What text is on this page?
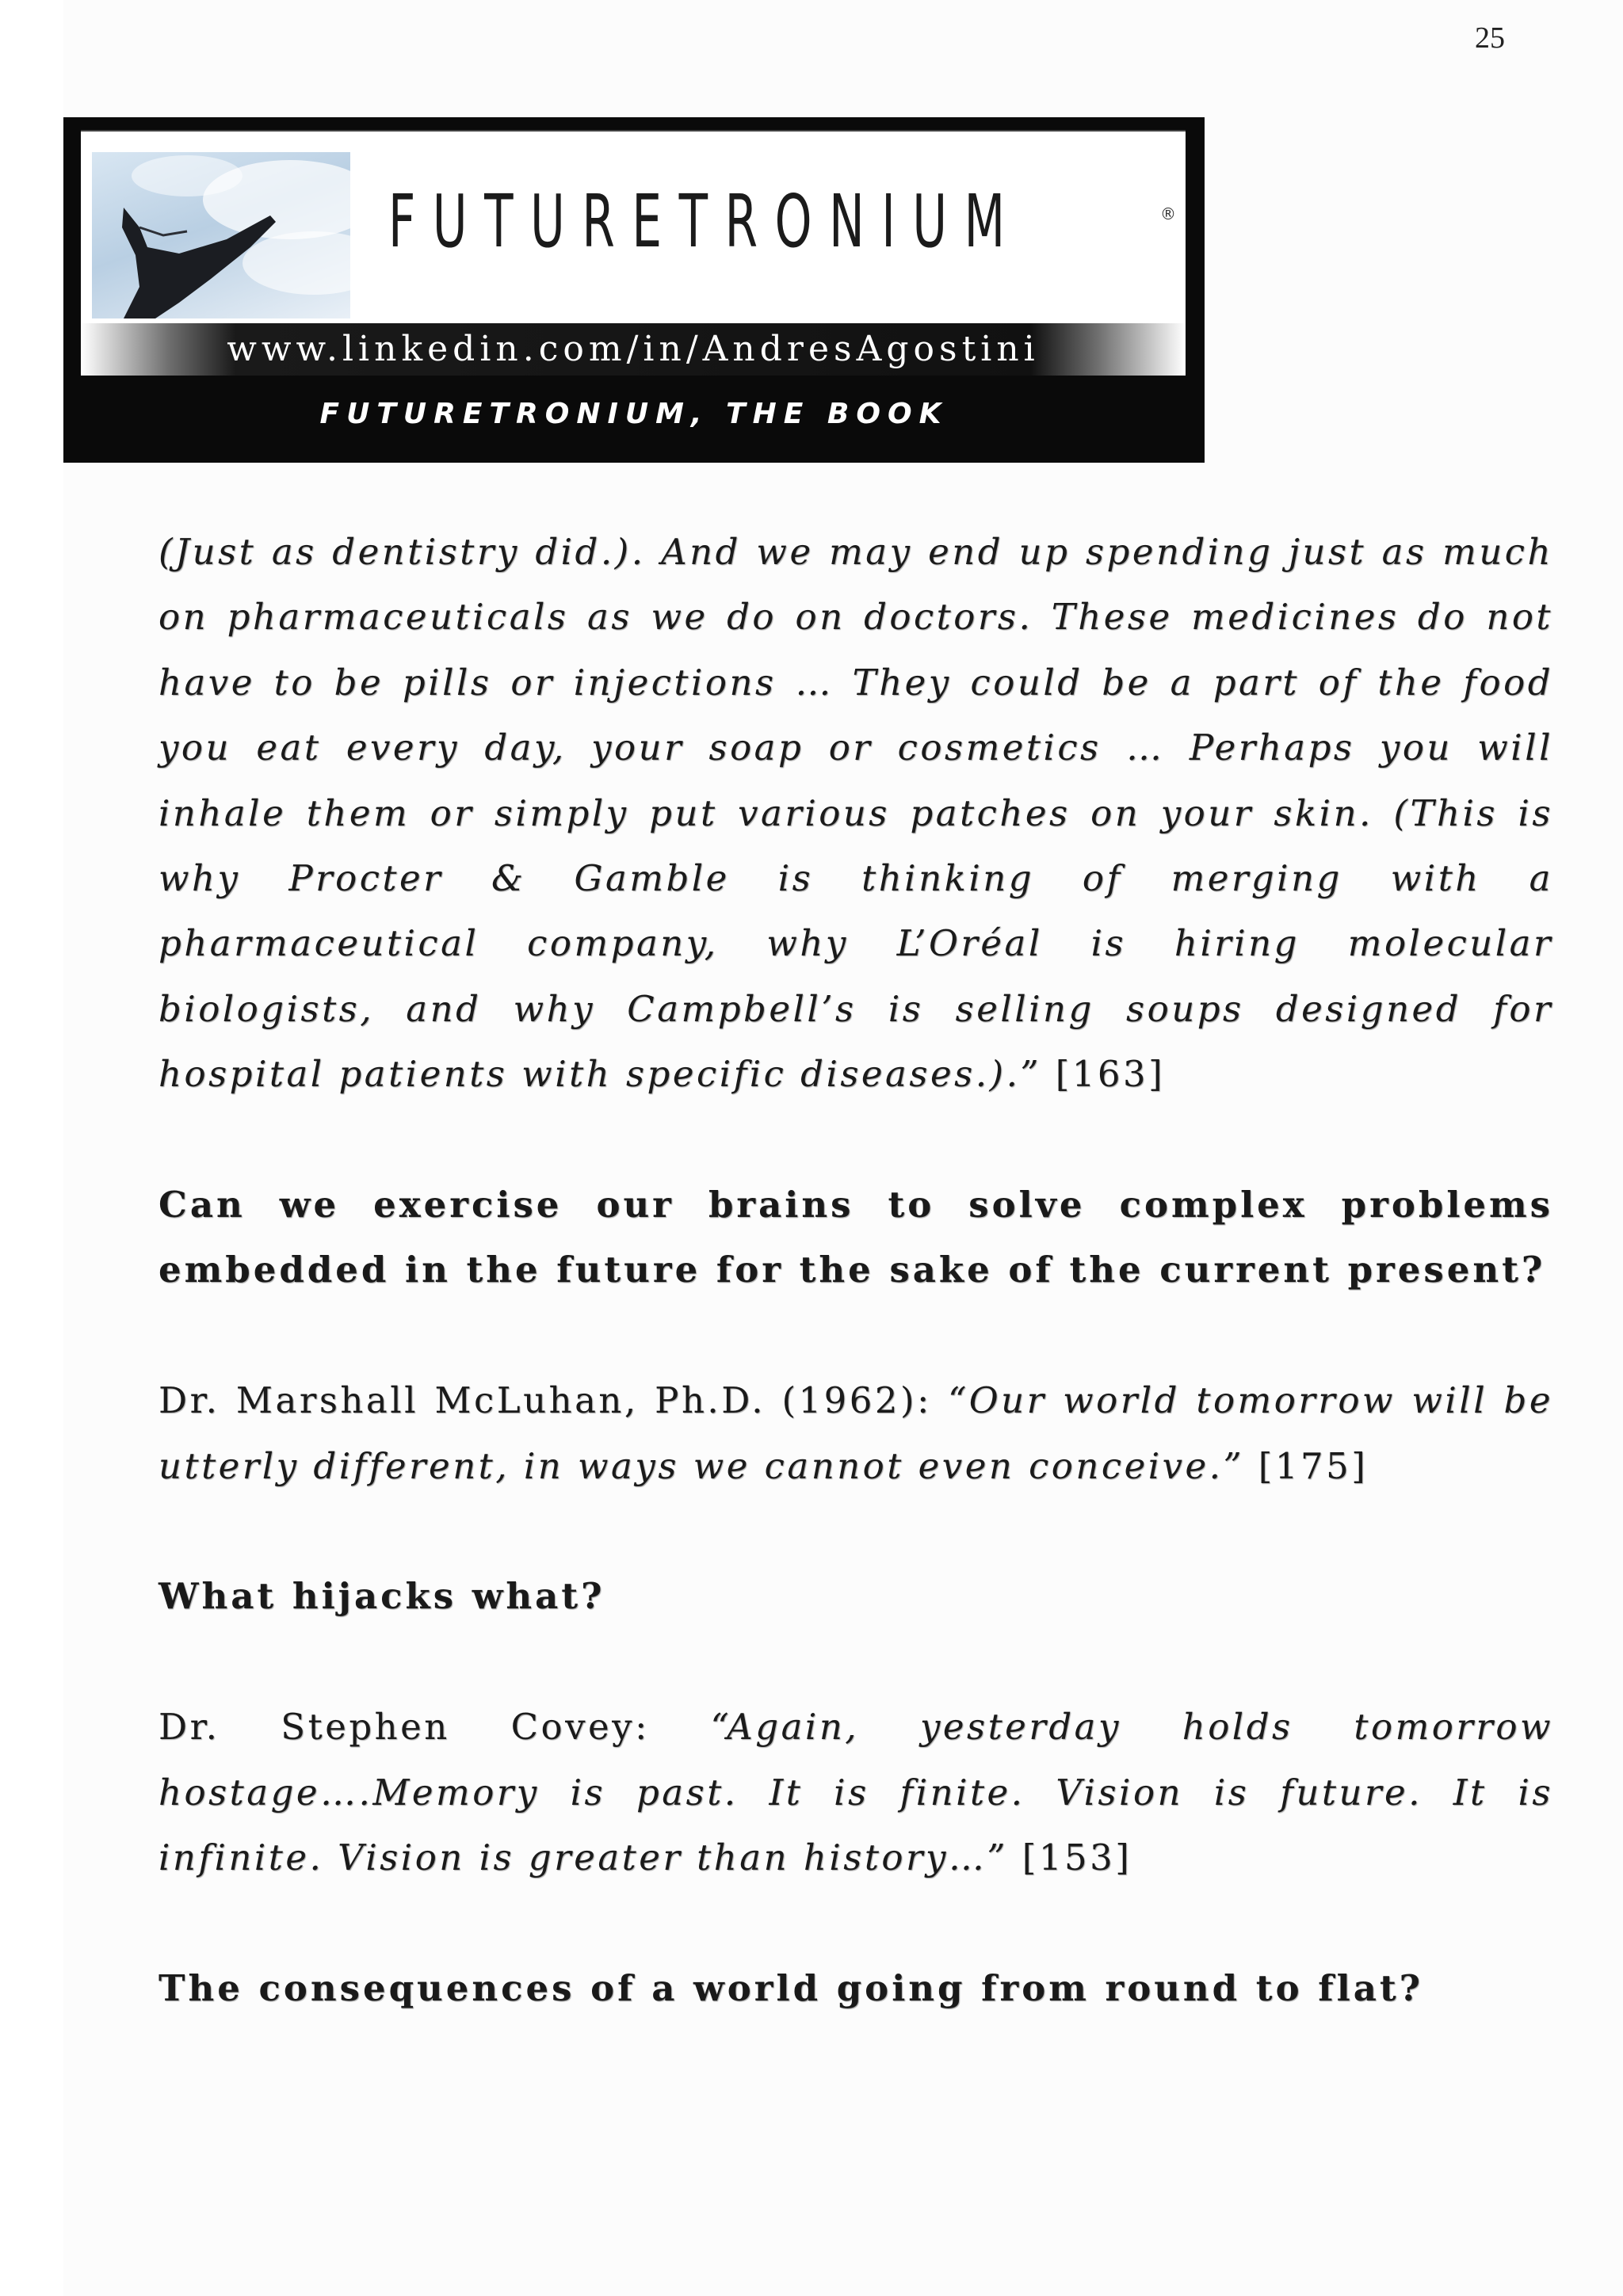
25
FUTURETRONIUM	®
www.linkedin.com/in/AndresAgostini
FUTURETRONIUM, THE BOOK

(Just as dentistry did.). And we may end up spending just as much on pharmaceuticals as we do on doctors. These medicines do not have to be pills or injections … They could be a part of the food you eat every day, your soap or cosmetics … Perhaps you will inhale them or simply put various patches on your skin. (This is why Procter & Gamble is thinking of merging with a pharmaceutical company, why L’Oréal is hiring molecular biologists, and why Campbell’s is selling soups designed for hospital patients with specific diseases.).” [163]

Can we exercise our brains to solve complex problems embedded in the future for the sake of the current present?

Dr. Marshall McLuhan, Ph.D. (1962): “Our world tomorrow will be utterly different, in ways we cannot even conceive.” [175]

What hijacks what?

Dr. Stephen Covey: “Again, yesterday holds tomorrow hostage….Memory is past. It is finite. Vision is future. It is infinite. Vision is greater than history…” [153]

The consequences of a world going from round to flat?
